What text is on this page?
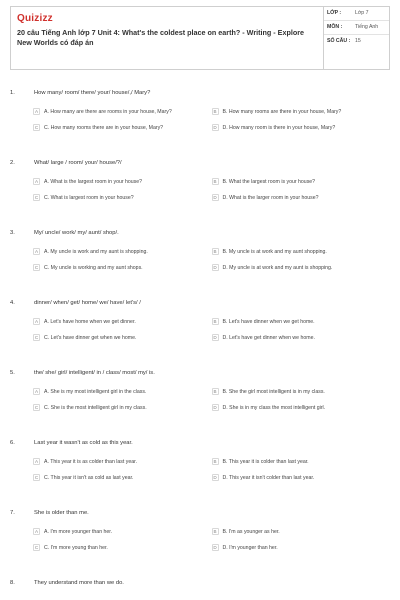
Quizizz
20 câu Tiếng Anh lớp 7 Unit 4: What's the coldest place on earth? - Writing - Explore New Worlds có đáp án
LỚP :	Lớp 7
MÔN :	Tiếng Anh
SỐ CÂU : 15
1.	How many/ room/ there/ your/ house/,/ Mary?
A	A. How many are there are rooms in your house, Mary?	B	B. How many rooms are there in your house, Mary?
C	C. How many rooms there are in your house, Mary?	D	D. How many room is there in your house, Mary?
2.	What/ large / room/ your/ house/?/
A	A. What is the largest room in your house?	B	B. What the largest room is your house?
C	C. What is largest room in your house?	D	D. What is the larger room in your house?
3.	My/ uncle/ work/ my/ aunt/ shop/.
A	A. My uncle is work and my aunt is shopping.	B	B. My uncle is at work and my aunt shopping.
C	C. My uncle is working and my aunt shops.	D	D. My uncle is at work and my aunt is shopping.
4.	dinner/ when/ get/ home/ we/ have/ let's/ /
A	A. Let's have home when we get dinner.	B	B. Let's have dinner when we get home.
C	C. Let's have dinner get when we home.	D	D. Let's have get dinner when we home.
5.	the/ she/ girl/ intelligent/ in / class/ most/ my/ is.
A	A. She is my most intelligent girl in the class.	B	B. She the girl most intelligent is in my class.
C	C. She is the most intelligent girl in my class.	D	D. She is in my class the most intelligent girl.
6.	Last year it wasn't as cold as this year.
A	A. This year it is as colder than last year.	B	B. This year it is colder than last year.
C	C. This year it isn't as cold as last year.	D	D. This year it isn't colder than last year.
7.	She is older than me.
A	A. I'm more younger than her.	B	B. I'm as younger as her.
C	C. I'm more young than her.	D	D. I'm younger than her.
8.	They understand more than we do.
